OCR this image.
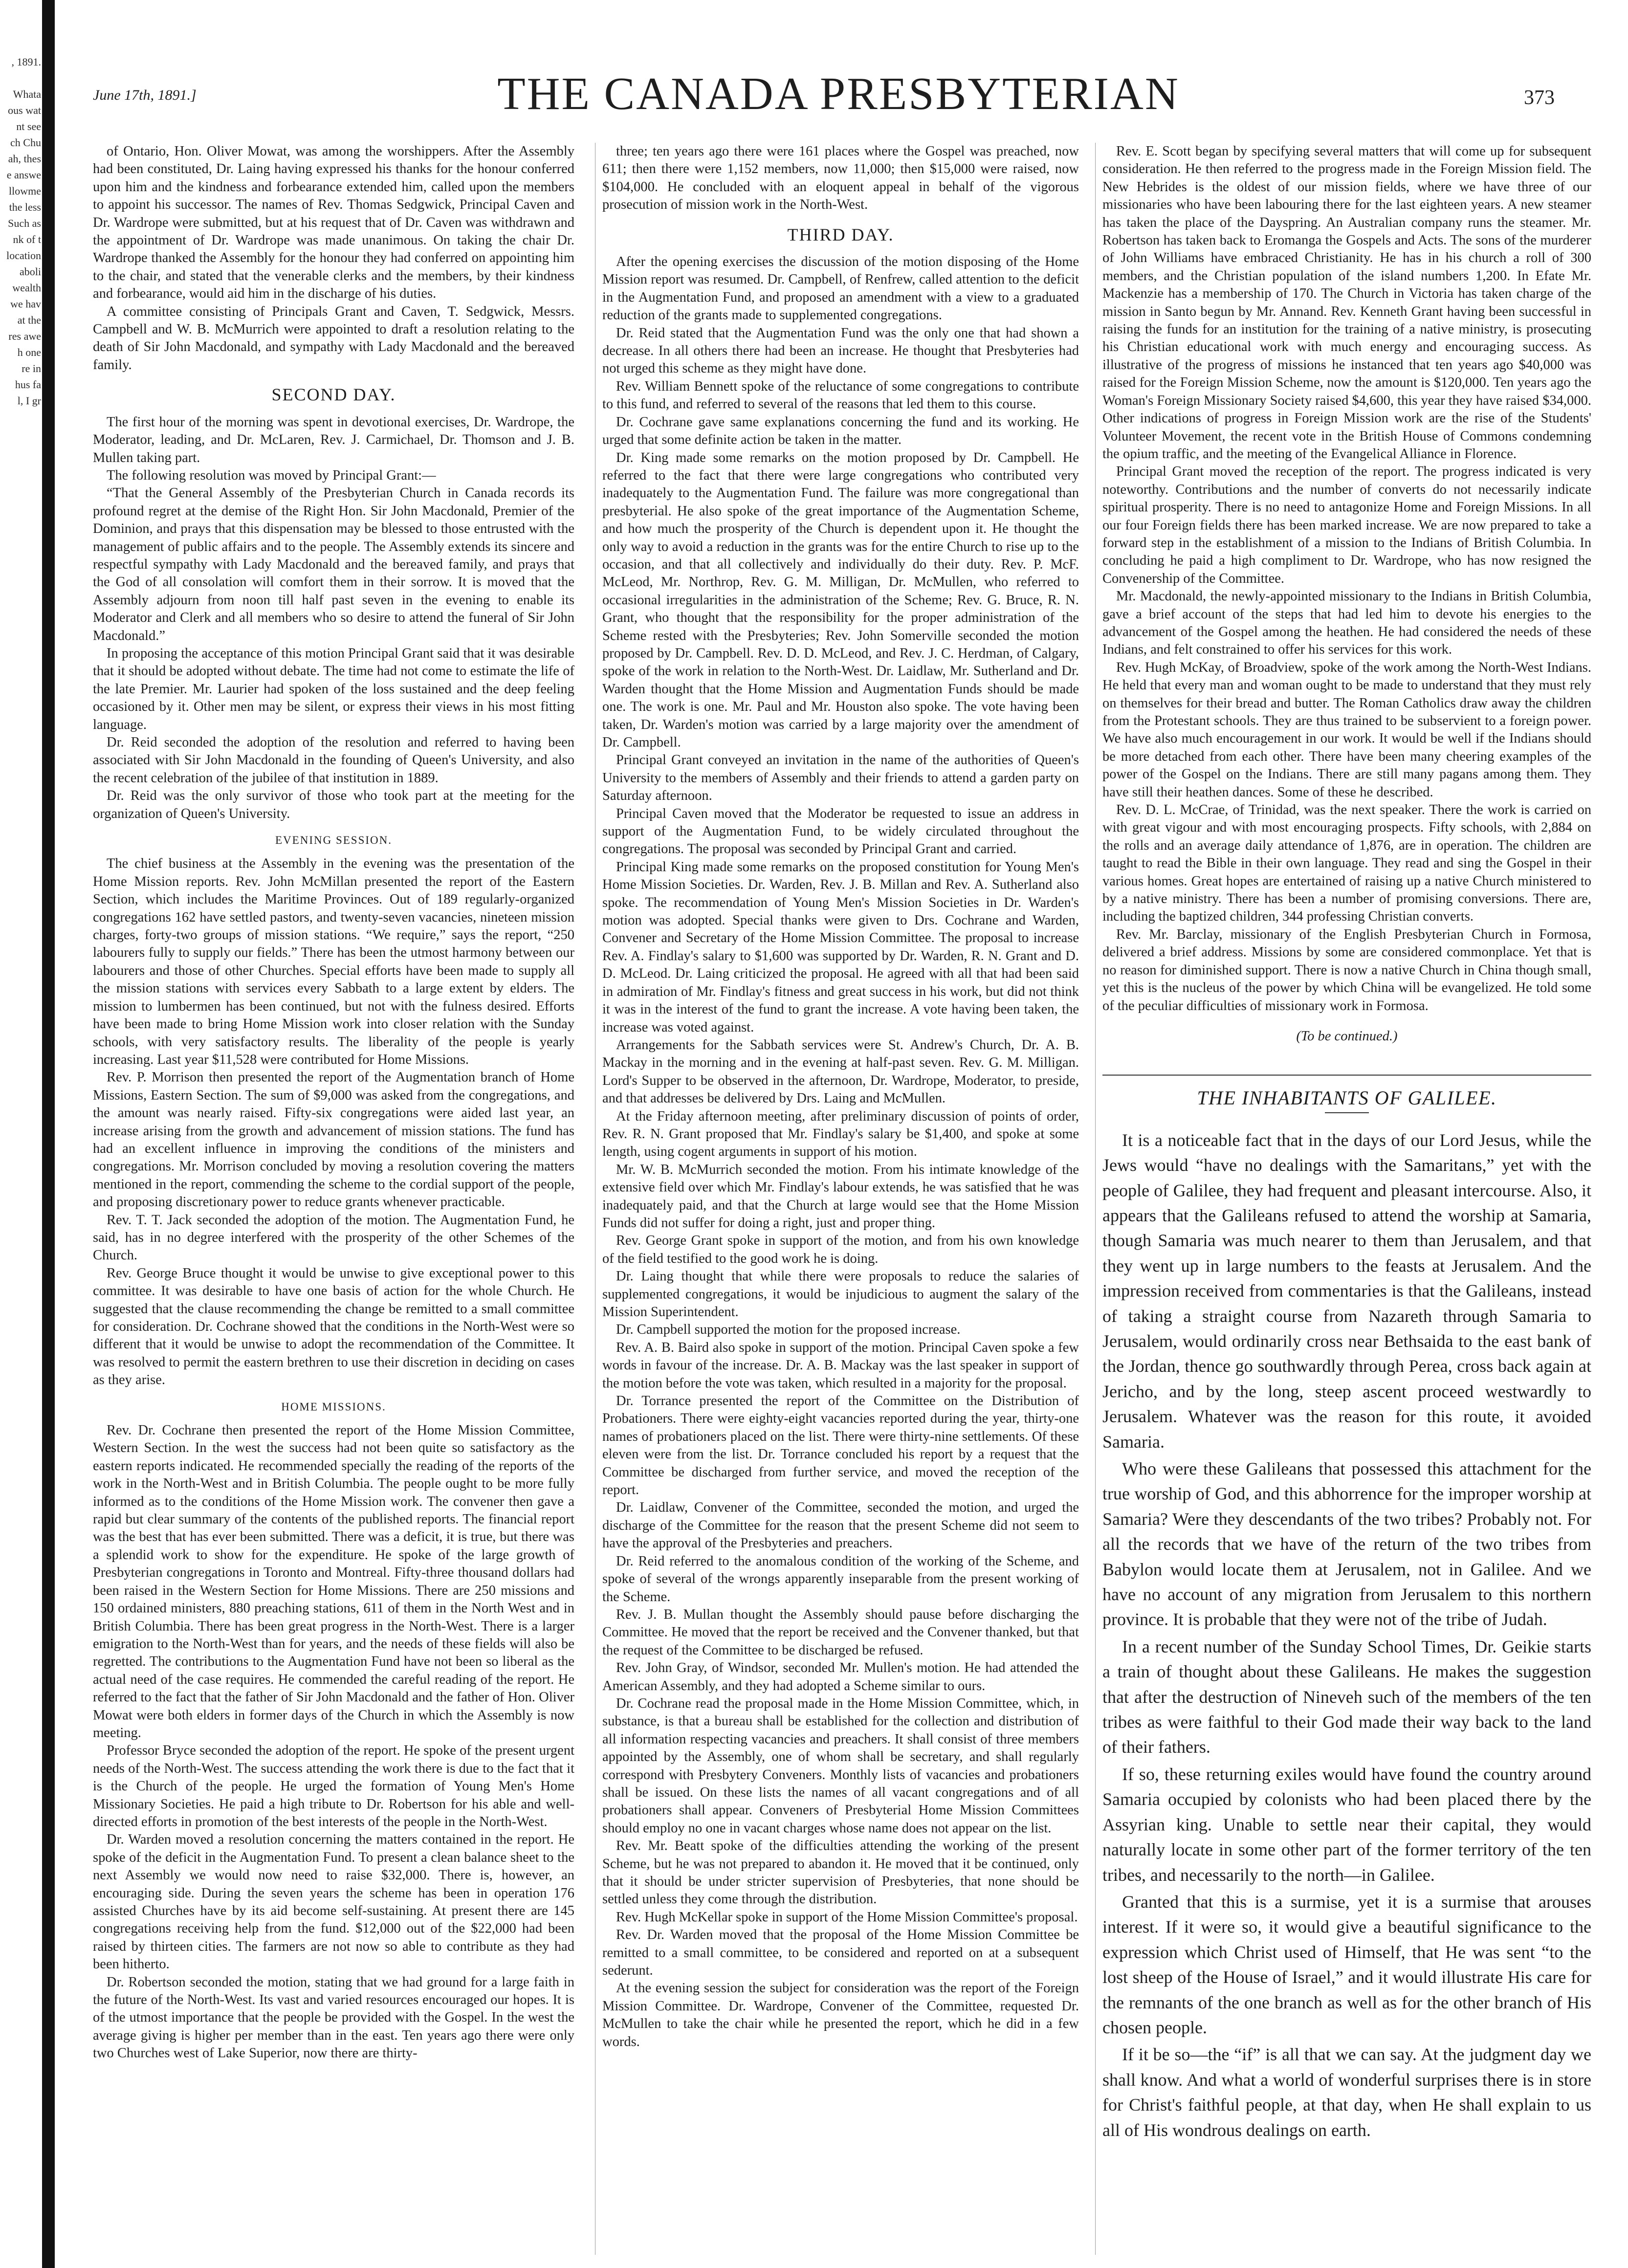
, 1891.
Whata
ous wat
nt see
ch Chu
ah, thes
e answe
llowme
the less
Such as
nk of t
location
aboli
wealth
we hav
at the
res awe
h one
re in
hus fa
l, I gr
June 17th, 1891.]	THE CANADA PRESBYTERIAN	373

of Ontario, Hon. Oliver Mowat, was among the worshippers. After the Assembly had been constituted, Dr. Laing having expressed his thanks for the honour conferred upon him and the kindness and forbearance extended him, called upon the members to appoint his successor. The names of Rev. Thomas Sedgwick, Principal Caven and Dr. Wardrope were submitted, but at his request that of Dr. Caven was withdrawn and the appointment of Dr. Wardrope was made unanimous. On taking the chair Dr. Wardrope thanked the Assembly for the honour they had conferred on appointing him to the chair, and stated that the venerable clerks and the members, by their kindness and forbearance, would aid him in the discharge of his duties.

A committee consisting of Principals Grant and Caven, T. Sedgwick, Messrs. Campbell and W. B. McMurrich were appointed to draft a resolution relating to the death of Sir John Macdonald, and sympathy with Lady Macdonald and the bereaved family.

SECOND DAY.

The first hour of the morning was spent in devotional exercises, Dr. Wardrope, the Moderator, leading, and Dr. McLaren, Rev. J. Carmichael, Dr. Thomson and J. B. Mullen taking part.

The following resolution was moved by Principal Grant:—

“That the General Assembly of the Presbyterian Church in Canada records its profound regret at the demise of the Right Hon. Sir John Macdonald, Premier of the Dominion, and prays that this dispensation may be blessed to those entrusted with the management of public affairs and to the people. The Assembly extends its sincere and respectful sympathy with Lady Macdonald and the bereaved family, and prays that the God of all consolation will comfort them in their sorrow. It is moved that the Assembly adjourn from noon till half past seven in the evening to enable its Moderator and Clerk and all members who so desire to attend the funeral of Sir John Macdonald.”

In proposing the acceptance of this motion Principal Grant said that it was desirable that it should be adopted without debate. The time had not come to estimate the life of the late Premier. Mr. Laurier had spoken of the loss sustained and the deep feeling occasioned by it. Other men may be silent, or express their views in his most fitting language.

Dr. Reid seconded the adoption of the resolution and referred to having been associated with Sir John Macdonald in the founding of Queen's University, and also the recent celebration of the jubilee of that institution in 1889.

Dr. Reid was the only survivor of those who took part at the meeting for the organization of Queen's University.

EVENING SESSION.

The chief business at the Assembly in the evening was the presentation of the Home Mission reports. Rev. John McMillan presented the report of the Eastern Section, which includes the Maritime Provinces. Out of 189 regularly-organized congregations 162 have settled pastors, and twenty-seven vacancies, nineteen mission charges, forty-two groups of mission stations. “We require,” says the report, “250 labourers fully to supply our fields.” There has been the utmost harmony between our labourers and those of other Churches. Special efforts have been made to supply all the mission stations with services every Sabbath to a large extent by elders. The mission to lumbermen has been continued, but not with the fulness desired. Efforts have been made to bring Home Mission work into closer relation with the Sunday schools, with very satisfactory results. The liberality of the people is yearly increasing. Last year $11,528 were contributed for Home Missions.

Rev. P. Morrison then presented the report of the Augmentation branch of Home Missions, Eastern Section. The sum of $9,000 was asked from the congregations, and the amount was nearly raised. Fifty-six congregations were aided last year, an increase arising from the growth and advancement of mission stations. The fund has had an excellent influence in improving the conditions of the ministers and congregations. Mr. Morrison concluded by moving a resolution covering the matters mentioned in the report, commending the scheme to the cordial support of the people, and proposing discretionary power to reduce grants whenever practicable.

Rev. T. T. Jack seconded the adoption of the motion. The Augmentation Fund, he said, has in no degree interfered with the prosperity of the other Schemes of the Church.

Rev. George Bruce thought it would be unwise to give exceptional power to this committee. It was desirable to have one basis of action for the whole Church. He suggested that the clause recommending the change be remitted to a small committee for consideration. Dr. Cochrane showed that the conditions in the North-West were so different that it would be unwise to adopt the recommendation of the Committee. It was resolved to permit the eastern brethren to use their discretion in deciding on cases as they arise.

HOME MISSIONS.

Rev. Dr. Cochrane then presented the report of the Home Mission Committee, Western Section. In the west the success had not been quite so satisfactory as the eastern reports indicated. He recommended specially the reading of the reports of the work in the North-West and in British Columbia. The people ought to be more fully informed as to the conditions of the Home Mission work. The convener then gave a rapid but clear summary of the contents of the published reports. The financial report was the best that has ever been submitted. There was a deficit, it is true, but there was a splendid work to show for the expenditure. He spoke of the large growth of Presbyterian congregations in Toronto and Montreal. Fifty-three thousand dollars had been raised in the Western Section for Home Missions. There are 250 missions and 150 ordained ministers, 880 preaching stations, 611 of them in the North West and in British Columbia. There has been great progress in the North-West. There is a larger emigration to the North-West than for years, and the needs of these fields will also be regretted. The contributions to the Augmentation Fund have not been so liberal as the actual need of the case requires. He commended the careful reading of the report. He referred to the fact that the father of Sir John Macdonald and the father of Hon. Oliver Mowat were both elders in former days of the Church in which the Assembly is now meeting.

Professor Bryce seconded the adoption of the report. He spoke of the present urgent needs of the North-West. The success attending the work there is due to the fact that it is the Church of the people. He urged the formation of Young Men's Home Missionary Societies. He paid a high tribute to Dr. Robertson for his able and well-directed efforts in promotion of the best interests of the people in the North-West.

Dr. Warden moved a resolution concerning the matters contained in the report. He spoke of the deficit in the Augmentation Fund. To present a clean balance sheet to the next Assembly we would now need to raise $32,000. There is, however, an encouraging side. During the seven years the scheme has been in operation 176 assisted Churches have by its aid become self-sustaining. At present there are 145 congregations receiving help from the fund. $12,000 out of the $22,000 had been raised by thirteen cities. The farmers are not now so able to contribute as they had been hitherto.

Dr. Robertson seconded the motion, stating that we had ground for a large faith in the future of the North-West. Its vast and varied resources encouraged our hopes. It is of the utmost importance that the people be provided with the Gospel. In the west the average giving is higher per member than in the east. Ten years ago there were only two Churches west of Lake Superior, now there are thirty-

three; ten years ago there were 161 places where the Gospel was preached, now 611; then there were 1,152 members, now 11,000; then $15,000 were raised, now $104,000. He concluded with an eloquent appeal in behalf of the vigorous prosecution of mission work in the North-West.

THIRD DAY.

After the opening exercises the discussion of the motion disposing of the Home Mission report was resumed. Dr. Campbell, of Renfrew, called attention to the deficit in the Augmentation Fund, and proposed an amendment with a view to a graduated reduction of the grants made to supplemented congregations.

Dr. Reid stated that the Augmentation Fund was the only one that had shown a decrease. In all others there had been an increase. He thought that Presbyteries had not urged this scheme as they might have done.

Rev. William Bennett spoke of the reluctance of some congregations to contribute to this fund, and referred to several of the reasons that led them to this course.

Dr. Cochrane gave same explanations concerning the fund and its working. He urged that some definite action be taken in the matter.

Dr. King made some remarks on the motion proposed by Dr. Campbell. He referred to the fact that there were large congregations who contributed very inadequately to the Augmentation Fund. The failure was more congregational than presbyterial. He also spoke of the great importance of the Augmentation Scheme, and how much the prosperity of the Church is dependent upon it. He thought the only way to avoid a reduction in the grants was for the entire Church to rise up to the occasion, and that all collectively and individually do their duty. Rev. P. McF. McLeod, Mr. Northrop, Rev. G. M. Milligan, Dr. McMullen, who referred to occasional irregularities in the administration of the Scheme; Rev. G. Bruce, R. N. Grant, who thought that the responsibility for the proper administration of the Scheme rested with the Presbyteries; Rev. John Somerville seconded the motion proposed by Dr. Campbell. Rev. D. D. McLeod, and Rev. J. C. Herdman, of Calgary, spoke of the work in relation to the North-West. Dr. Laidlaw, Mr. Sutherland and Dr. Warden thought that the Home Mission and Augmentation Funds should be made one. The work is one. Mr. Paul and Mr. Houston also spoke. The vote having been taken, Dr. Warden's motion was carried by a large majority over the amendment of Dr. Campbell.

Principal Grant conveyed an invitation in the name of the authorities of Queen's University to the members of Assembly and their friends to attend a garden party on Saturday afternoon.

Principal Caven moved that the Moderator be requested to issue an address in support of the Augmentation Fund, to be widely circulated throughout the congregations. The proposal was seconded by Principal Grant and carried.

Principal King made some remarks on the proposed constitution for Young Men's Home Mission Societies. Dr. Warden, Rev. J. B. Millan and Rev. A. Sutherland also spoke. The recommendation of Young Men's Mission Societies in Dr. Warden's motion was adopted. Special thanks were given to Drs. Cochrane and Warden, Convener and Secretary of the Home Mission Committee. The proposal to increase Rev. A. Findlay's salary to $1,600 was supported by Dr. Warden, R. N. Grant and D. D. McLeod. Dr. Laing criticized the proposal. He agreed with all that had been said in admiration of Mr. Findlay's fitness and great success in his work, but did not think it was in the interest of the fund to grant the increase. A vote having been taken, the increase was voted against.

Arrangements for the Sabbath services were St. Andrew's Church, Dr. A. B. Mackay in the morning and in the evening at half-past seven. Rev. G. M. Milligan. Lord's Supper to be observed in the afternoon, Dr. Wardrope, Moderator, to preside, and that addresses be delivered by Drs. Laing and McMullen.

At the Friday afternoon meeting, after preliminary discussion of points of order, Rev. R. N. Grant proposed that Mr. Findlay's salary be $1,400, and spoke at some length, using cogent arguments in support of his motion.

Mr. W. B. McMurrich seconded the motion. From his intimate knowledge of the extensive field over which Mr. Findlay's labour extends, he was satisfied that he was inadequately paid, and that the Church at large would see that the Home Mission Funds did not suffer for doing a right, just and proper thing.

Rev. George Grant spoke in support of the motion, and from his own knowledge of the field testified to the good work he is doing.

Dr. Laing thought that while there were proposals to reduce the salaries of supplemented congregations, it would be injudicious to augment the salary of the Mission Superintendent.

Dr. Campbell supported the motion for the proposed increase.

Rev. A. B. Baird also spoke in support of the motion. Principal Caven spoke a few words in favour of the increase. Dr. A. B. Mackay was the last speaker in support of the motion before the vote was taken, which resulted in a majority for the proposal.

Dr. Torrance presented the report of the Committee on the Distribution of Probationers. There were eighty-eight vacancies reported during the year, thirty-one names of probationers placed on the list. There were thirty-nine settlements. Of these eleven were from the list. Dr. Torrance concluded his report by a request that the Committee be discharged from further service, and moved the reception of the report.

Dr. Laidlaw, Convener of the Committee, seconded the motion, and urged the discharge of the Committee for the reason that the present Scheme did not seem to have the approval of the Presbyteries and preachers.

Dr. Reid referred to the anomalous condition of the working of the Scheme, and spoke of several of the wrongs apparently inseparable from the present working of the Scheme.

Rev. J. B. Mullan thought the Assembly should pause before discharging the Committee. He moved that the report be received and the Convener thanked, but that the request of the Committee to be discharged be refused.

Rev. John Gray, of Windsor, seconded Mr. Mullen's motion. He had attended the American Assembly, and they had adopted a Scheme similar to ours.

Dr. Cochrane read the proposal made in the Home Mission Committee, which, in substance, is that a bureau shall be established for the collection and distribution of all information respecting vacancies and preachers. It shall consist of three members appointed by the Assembly, one of whom shall be secretary, and shall regularly correspond with Presbytery Conveners. Monthly lists of vacancies and probationers shall be issued. On these lists the names of all vacant congregations and of all probationers shall appear. Conveners of Presbyterial Home Mission Committees should employ no one in vacant charges whose name does not appear on the list.

Rev. Mr. Beatt spoke of the difficulties attending the working of the present Scheme, but he was not prepared to abandon it. He moved that it be continued, only that it should be under stricter supervision of Presbyteries, that none should be settled unless they come through the distribution.

Rev. Hugh McKellar spoke in support of the Home Mission Committee's proposal.

Rev. Dr. Warden moved that the proposal of the Home Mission Committee be remitted to a small committee, to be considered and reported on at a subsequent sederunt.

At the evening session the subject for consideration was the report of the Foreign Mission Committee. Dr. Wardrope, Convener of the Committee, requested Dr. McMullen to take the chair while he presented the report, which he did in a few words.

Rev. E. Scott began by specifying several matters that will come up for subsequent consideration. He then referred to the progress made in the Foreign Mission field. The New Hebrides is the oldest of our mission fields, where we have three of our missionaries who have been labouring there for the last eighteen years. A new steamer has taken the place of the Dayspring. An Australian company runs the steamer. Mr. Robertson has taken back to Eromanga the Gospels and Acts. The sons of the murderer of John Williams have embraced Christianity. He has in his church a roll of 300 members, and the Christian population of the island numbers 1,200. In Efate Mr. Mackenzie has a membership of 170. The Church in Victoria has taken charge of the mission in Santo begun by Mr. Annand. Rev. Kenneth Grant having been successful in raising the funds for an institution for the training of a native ministry, is prosecuting his Christian educational work with much energy and encouraging success. As illustrative of the progress of missions he instanced that ten years ago $40,000 was raised for the Foreign Mission Scheme, now the amount is $120,000. Ten years ago the Woman's Foreign Missionary Society raised $4,600, this year they have raised $34,000. Other indications of progress in Foreign Mission work are the rise of the Students' Volunteer Movement, the recent vote in the British House of Commons condemning the opium traffic, and the meeting of the Evangelical Alliance in Florence.

Principal Grant moved the reception of the report. The progress indicated is very noteworthy. Contributions and the number of converts do not necessarily indicate spiritual prosperity. There is no need to antagonize Home and Foreign Missions. In all our four Foreign fields there has been marked increase. We are now prepared to take a forward step in the establishment of a mission to the Indians of British Columbia. In concluding he paid a high compliment to Dr. Wardrope, who has now resigned the Convenership of the Committee.

Mr. Macdonald, the newly-appointed missionary to the Indians in British Columbia, gave a brief account of the steps that had led him to devote his energies to the advancement of the Gospel among the heathen. He had considered the needs of these Indians, and felt constrained to offer his services for this work.

Rev. Hugh McKay, of Broadview, spoke of the work among the North-West Indians. He held that every man and woman ought to be made to understand that they must rely on themselves for their bread and butter. The Roman Catholics draw away the children from the Protestant schools. They are thus trained to be subservient to a foreign power. We have also much encouragement in our work. It would be well if the Indians should be more detached from each other. There have been many cheering examples of the power of the Gospel on the Indians. There are still many pagans among them. They have still their heathen dances. Some of these he described.

Rev. D. L. McCrae, of Trinidad, was the next speaker. There the work is carried on with great vigour and with most encouraging prospects. Fifty schools, with 2,884 on the rolls and an average daily attendance of 1,876, are in operation. The children are taught to read the Bible in their own language. They read and sing the Gospel in their various homes. Great hopes are entertained of raising up a native Church ministered to by a native ministry. There has been a number of promising conversions. There are, including the baptized children, 344 professing Christian converts.

Rev. Mr. Barclay, missionary of the English Presbyterian Church in Formosa, delivered a brief address. Missions by some are considered commonplace. Yet that is no reason for diminished support. There is now a native Church in China though small, yet this is the nucleus of the power by which China will be evangelized. He told some of the peculiar difficulties of missionary work in Formosa.

(To be continued.)
THE INHABITANTS OF GALILEE.

It is a noticeable fact that in the days of our Lord Jesus, while the Jews would “have no dealings with the Samaritans,” yet with the people of Galilee, they had frequent and pleasant intercourse. Also, it appears that the Galileans refused to attend the worship at Samaria, though Samaria was much nearer to them than Jerusalem, and that they went up in large numbers to the feasts at Jerusalem. And the impression received from commentaries is that the Galileans, instead of taking a straight course from Nazareth through Samaria to Jerusalem, would ordinarily cross near Bethsaida to the east bank of the Jordan, thence go southwardly through Perea, cross back again at Jericho, and by the long, steep ascent proceed westwardly to Jerusalem. Whatever was the reason for this route, it avoided Samaria.

Who were these Galileans that possessed this attachment for the true worship of God, and this abhorrence for the improper worship at Samaria? Were they descendants of the two tribes? Probably not. For all the records that we have of the return of the two tribes from Babylon would locate them at Jerusalem, not in Galilee. And we have no account of any migration from Jerusalem to this northern province. It is probable that they were not of the tribe of Judah.

In a recent number of the Sunday School Times, Dr. Geikie starts a train of thought about these Galileans. He makes the suggestion that after the destruction of Nineveh such of the members of the ten tribes as were faithful to their God made their way back to the land of their fathers.

If so, these returning exiles would have found the country around Samaria occupied by colonists who had been placed there by the Assyrian king. Unable to settle near their capital, they would naturally locate in some other part of the former territory of the ten tribes, and necessarily to the north—in Galilee.

Granted that this is a surmise, yet it is a surmise that arouses interest. If it were so, it would give a beautiful significance to the expression which Christ used of Himself, that He was sent “to the lost sheep of the House of Israel,” and it would illustrate His care for the remnants of the one branch as well as for the other branch of His chosen people.

If it be so—the “if” is all that we can say. At the judgment day we shall know. And what a world of wonderful surprises there is in store for Christ's faithful people, at that day, when He shall explain to us all of His wondrous dealings on earth.
